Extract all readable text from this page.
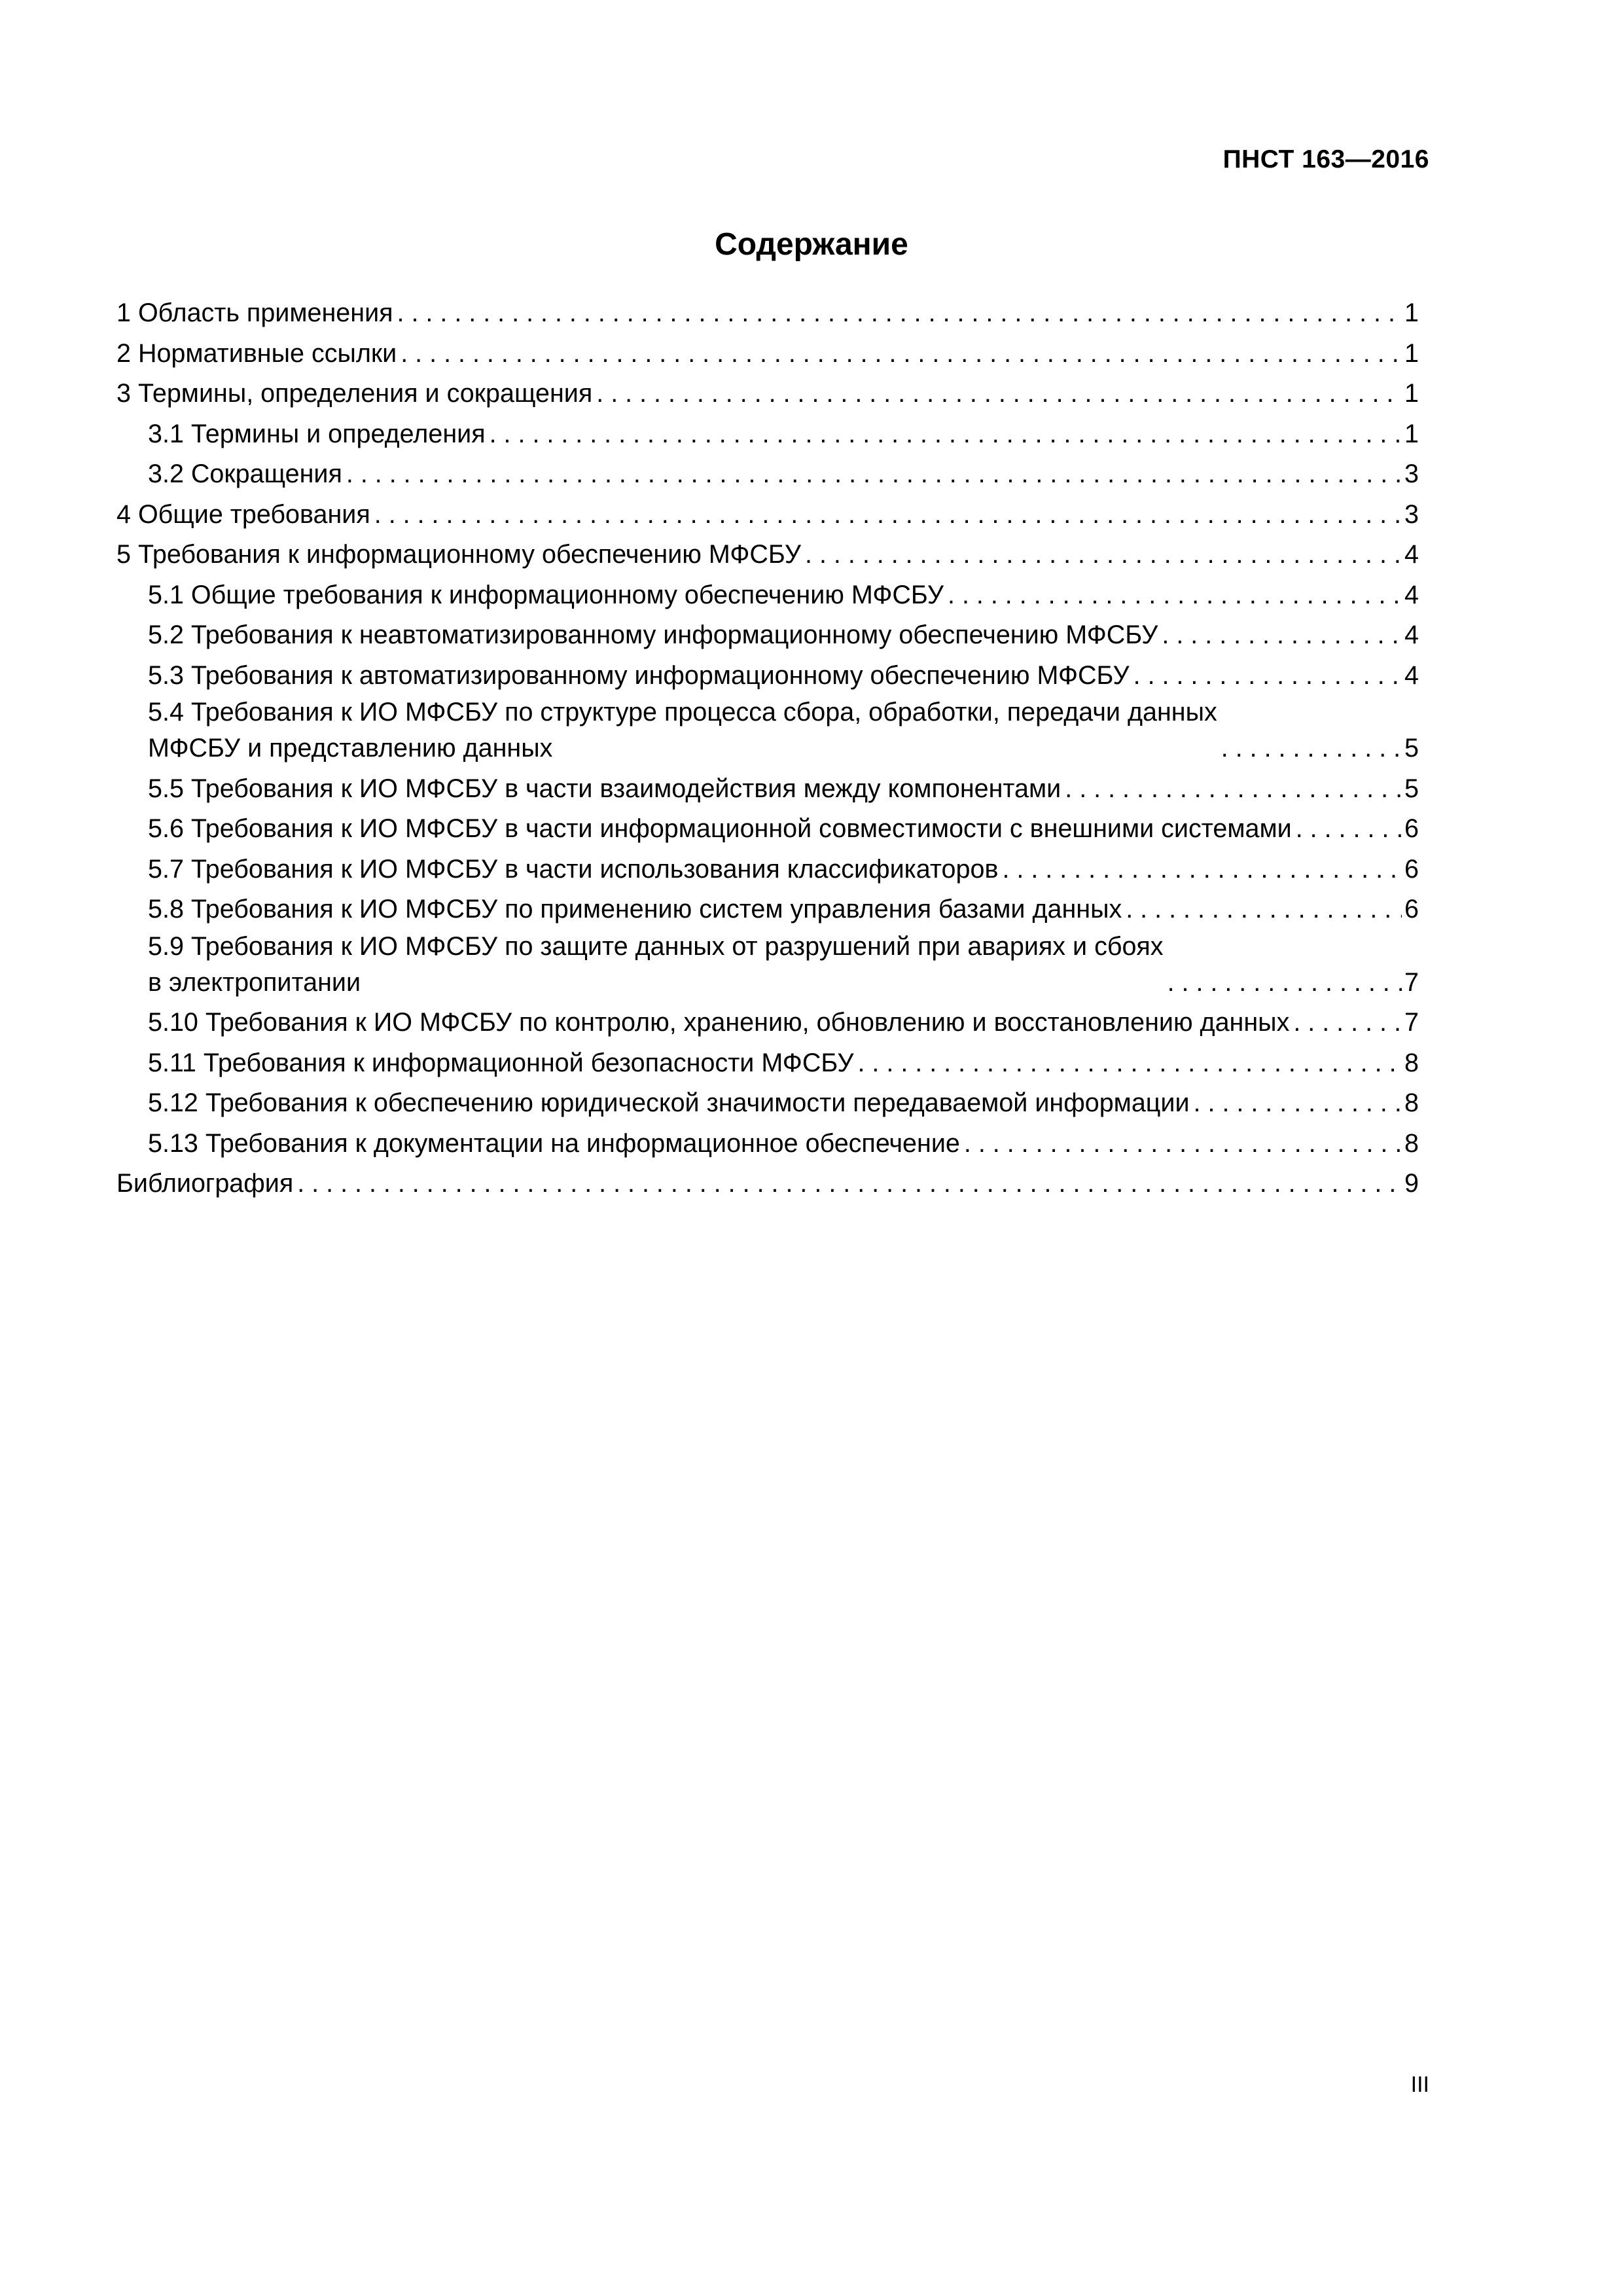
ПНСТ 163—2016
Содержание
1 Область применения . . .	1
2 Нормативные ссылки . . .	1
3 Термины, определения и сокращения . . .	1
3.1 Термины и определения . . .	1
3.2 Сокращения . . .	3
4 Общие требования . . .	3
5 Требования к информационному обеспечению МФСБУ . . .	4
5.1 Общие требования к информационному обеспечению МФСБУ . . .	4
5.2 Требования к неавтоматизированному информационному обеспечению МФСБУ . . .	4
5.3 Требования к автоматизированному информационному обеспечению МФСБУ . . .	4
5.4 Требования к ИО МФСБУ по структуре процесса сбора, обработки, передачи данных
МФСБУ и представлению данных . . .	5
5.5 Требования к ИО МФСБУ в части взаимодействия между компонентами . . .	5
5.6 Требования к ИО МФСБУ в части информационной совместимости с внешними системами . . .	6
5.7 Требования к ИО МФСБУ в части использования классификаторов . . .	6
5.8 Требования к ИО МФСБУ по применению систем управления базами данных . . .	6
5.9 Требования к ИО МФСБУ по защите данных от разрушений при авариях и сбоях
в электропитании . . .	7
5.10 Требования к ИО МФСБУ по контролю, хранению, обновлению и восстановлению данных . . .	7
5.11 Требования к информационной безопасности МФСБУ . . .	8
5.12 Требования к обеспечению юридической значимости передаваемой информации . . .	8
5.13 Требования к документации на информационное обеспечение . . .	8
Библиография . . .	9
III
